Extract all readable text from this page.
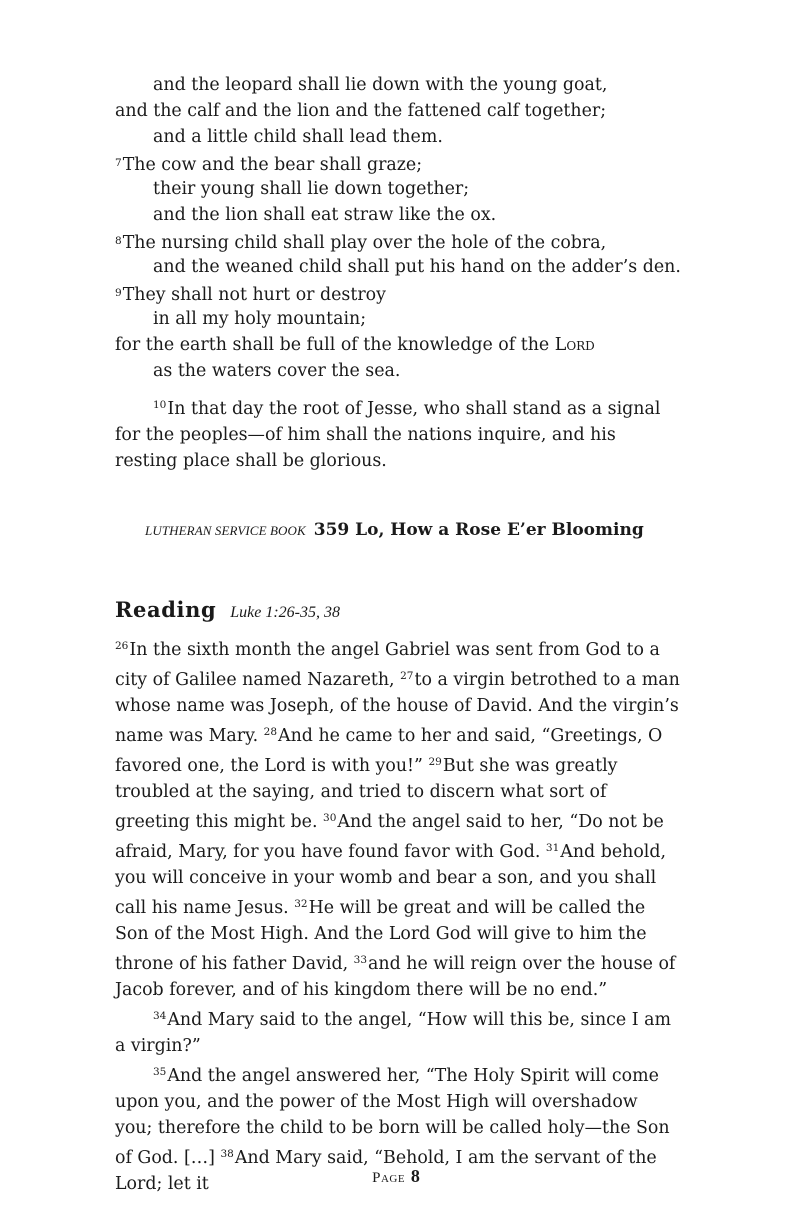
and the leopard shall lie down with the young goat,
and the calf and the lion and the fattened calf together;
and a little child shall lead them.
$^7$The cow and the bear shall graze;
their young shall lie down together;
and the lion shall eat straw like the ox.
$^8$The nursing child shall play over the hole of the cobra,
and the weaned child shall put his hand on the adder’s den.
$^9$They shall not hurt or destroy
in all my holy mountain;
for the earth shall be full of the knowledge of the Lord
as the waters cover the sea.
$^{10}$In that day the root of Jesse, who shall stand as a signal for the peoples—of him shall the nations inquire, and his resting place shall be glorious.
LUTHERAN SERVICE BOOK 359 Lo, How a Rose E’er Blooming
Reading Luke 1:26-35, 38
$^{26}$In the sixth month the angel Gabriel was sent from God to a city of Galilee named Nazareth, $^{27}$to a virgin betrothed to a man whose name was Joseph, of the house of David. And the virgin’s name was Mary. $^{28}$And he came to her and said, “Greetings, O favored one, the Lord is with you!” $^{29}$But she was greatly troubled at the saying, and tried to discern what sort of greeting this might be. $^{30}$And the angel said to her, “Do not be afraid, Mary, for you have found favor with God. $^{31}$And behold, you will conceive in your womb and bear a son, and you shall call his name Jesus. $^{32}$He will be great and will be called the Son of the Most High. And the Lord God will give to him the throne of his father David, $^{33}$and he will reign over the house of Jacob forever, and of his kingdom there will be no end.”
$^{34}$And Mary said to the angel, “How will this be, since I am a virgin?”
$^{35}$And the angel answered her, “The Holy Spirit will come upon you, and the power of the Most High will overshadow you; therefore the child to be born will be called holy—the Son of God. […] $^{38}$And Mary said, “Behold, I am the servant of the Lord; let it	Page 8
